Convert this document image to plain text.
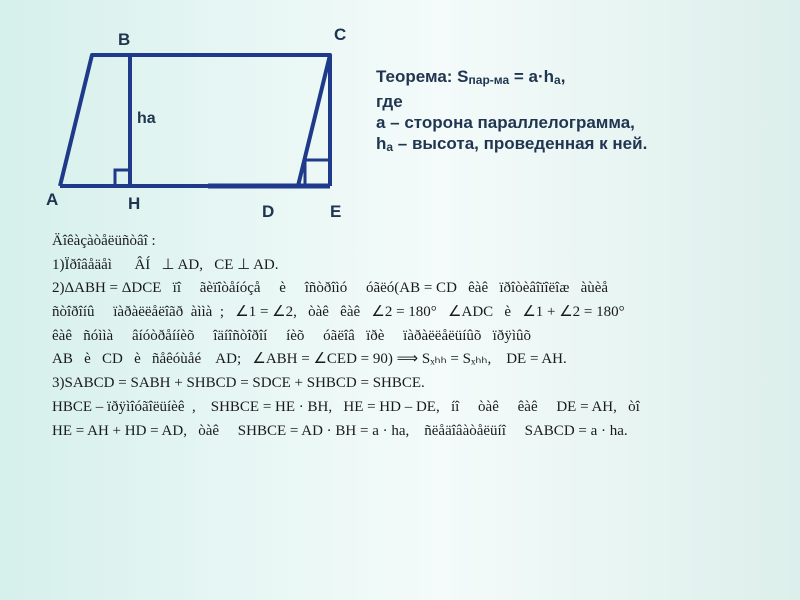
B	C
A	H	D	E
hа
Теорема: $S_{пар-ма} = a\cdot h_a$,
где
а – сторона параллелограмма,
$h_а$ – высота, проведенная к ней.
Äîêàçàòåëüñòâî :
1)Ïðîâåäåì      ÂÍ   ⊥ AD,   CE ⊥ AD.
2)ΔABH = ΔDCE   ïî     ãèïîòåíóçå     è     îñòðîìó     óãëó(AB = CD   êàê   ïðîòèâîïîëîæ   àùèå
ñòîðîíû     ïàðàëëåëîãð  àììà  ;   ∠1 = ∠2,   òàê   êàê   ∠2 = 180°   ∠ADC   è   ∠1 + ∠2 = 180°
êàê   ñóììà     âíóòðåííèõ     îäíîñòîðîí     íèõ     óãëîâ   ïðè     ïàðàëëåëüíûõ   ïðÿìûõ
AB   è   CD   è   ñåêóùåé    AD;   ∠ABH = ∠CED = 90) ⟹ Sₓₕₕ = Sₓₕₕ,    DE = AH.
3)SABCD = SABH + SHBCD = SDCE + SHBCD = SHBCE.
HBCE – ïðÿìîóãîëüíèê  ,    SHBCE = HE · BH,   HE = HD – DE,   íî     òàê     êàê     DE = AH,   òî
HE = AH + HD = AD,   òàê     SHBCE = AD · BH = a · hа,    ñëåäîâàòåëüíî     SABCD = a · hа.
